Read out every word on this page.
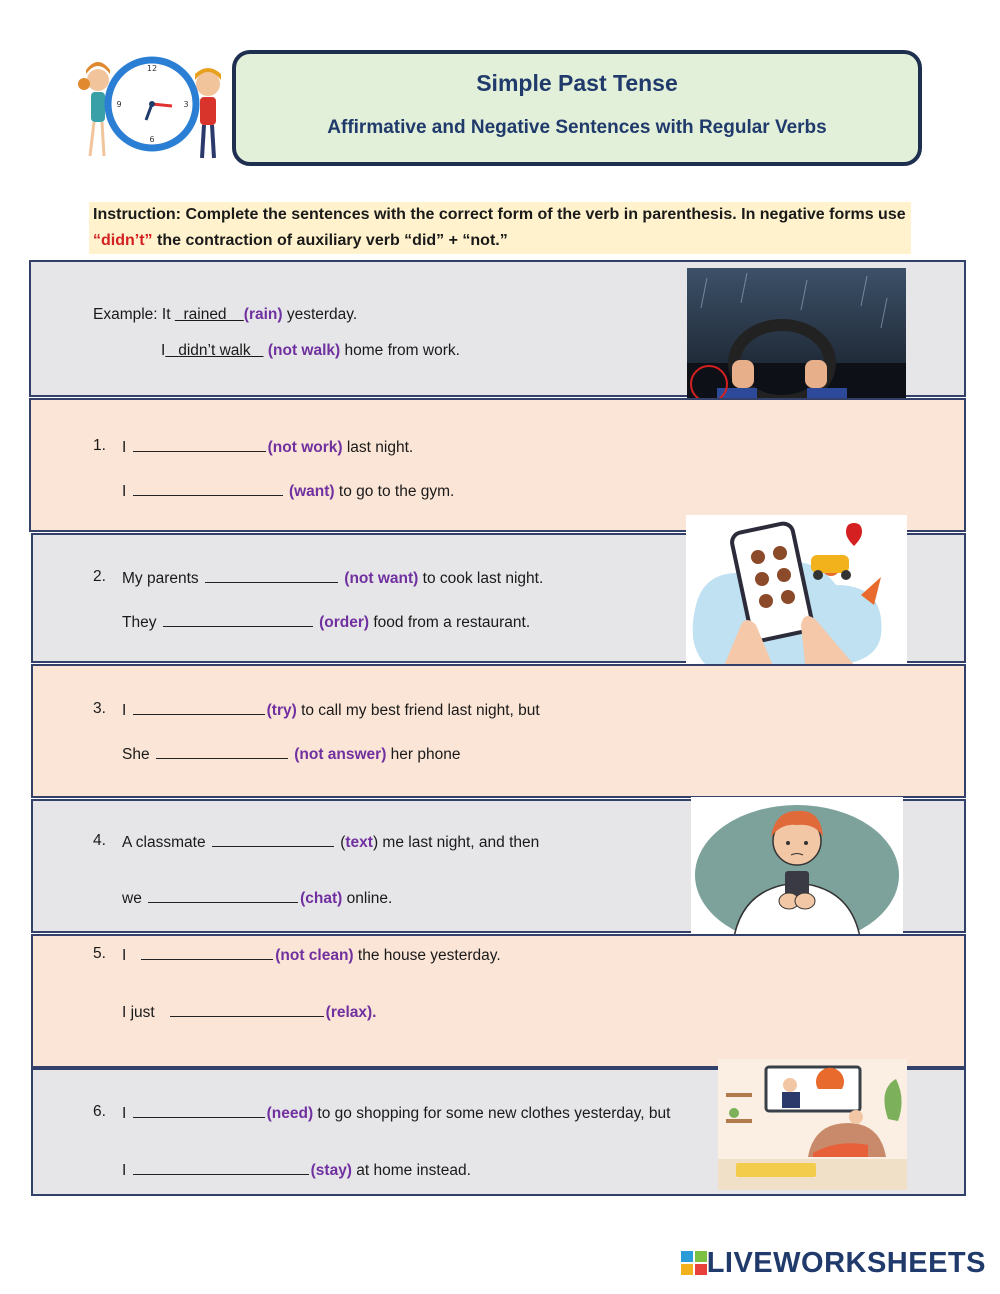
12
3
6
9
Simple Past Tense
Affirmative and Negative Sentences with Regular Verbs
Instruction: Complete the sentences with the correct form of the verb in parenthesis. In negative forms use “didn’t” the contraction of auxiliary verb “did” + “not.”
Example: It   rained (rain) yesterday.
I didn’t walk (not walk) home from work.
1. I	(not work) last night.
I	(want) to go to the gym.
2. My parents	(not want) to cook last night.
They	(order) food from a restaurant.
3. I	(try) to call my best friend last night, but
She	(not answer) her phone
4. A classmate	(text) me last night, and then
we	(chat) online.
5. I	(not clean) the house yesterday.
I just	(relax).
6. I	(need) to go shopping for some new clothes yesterday, but
I	(stay) at home instead.
LIVEWORKSHEETS
